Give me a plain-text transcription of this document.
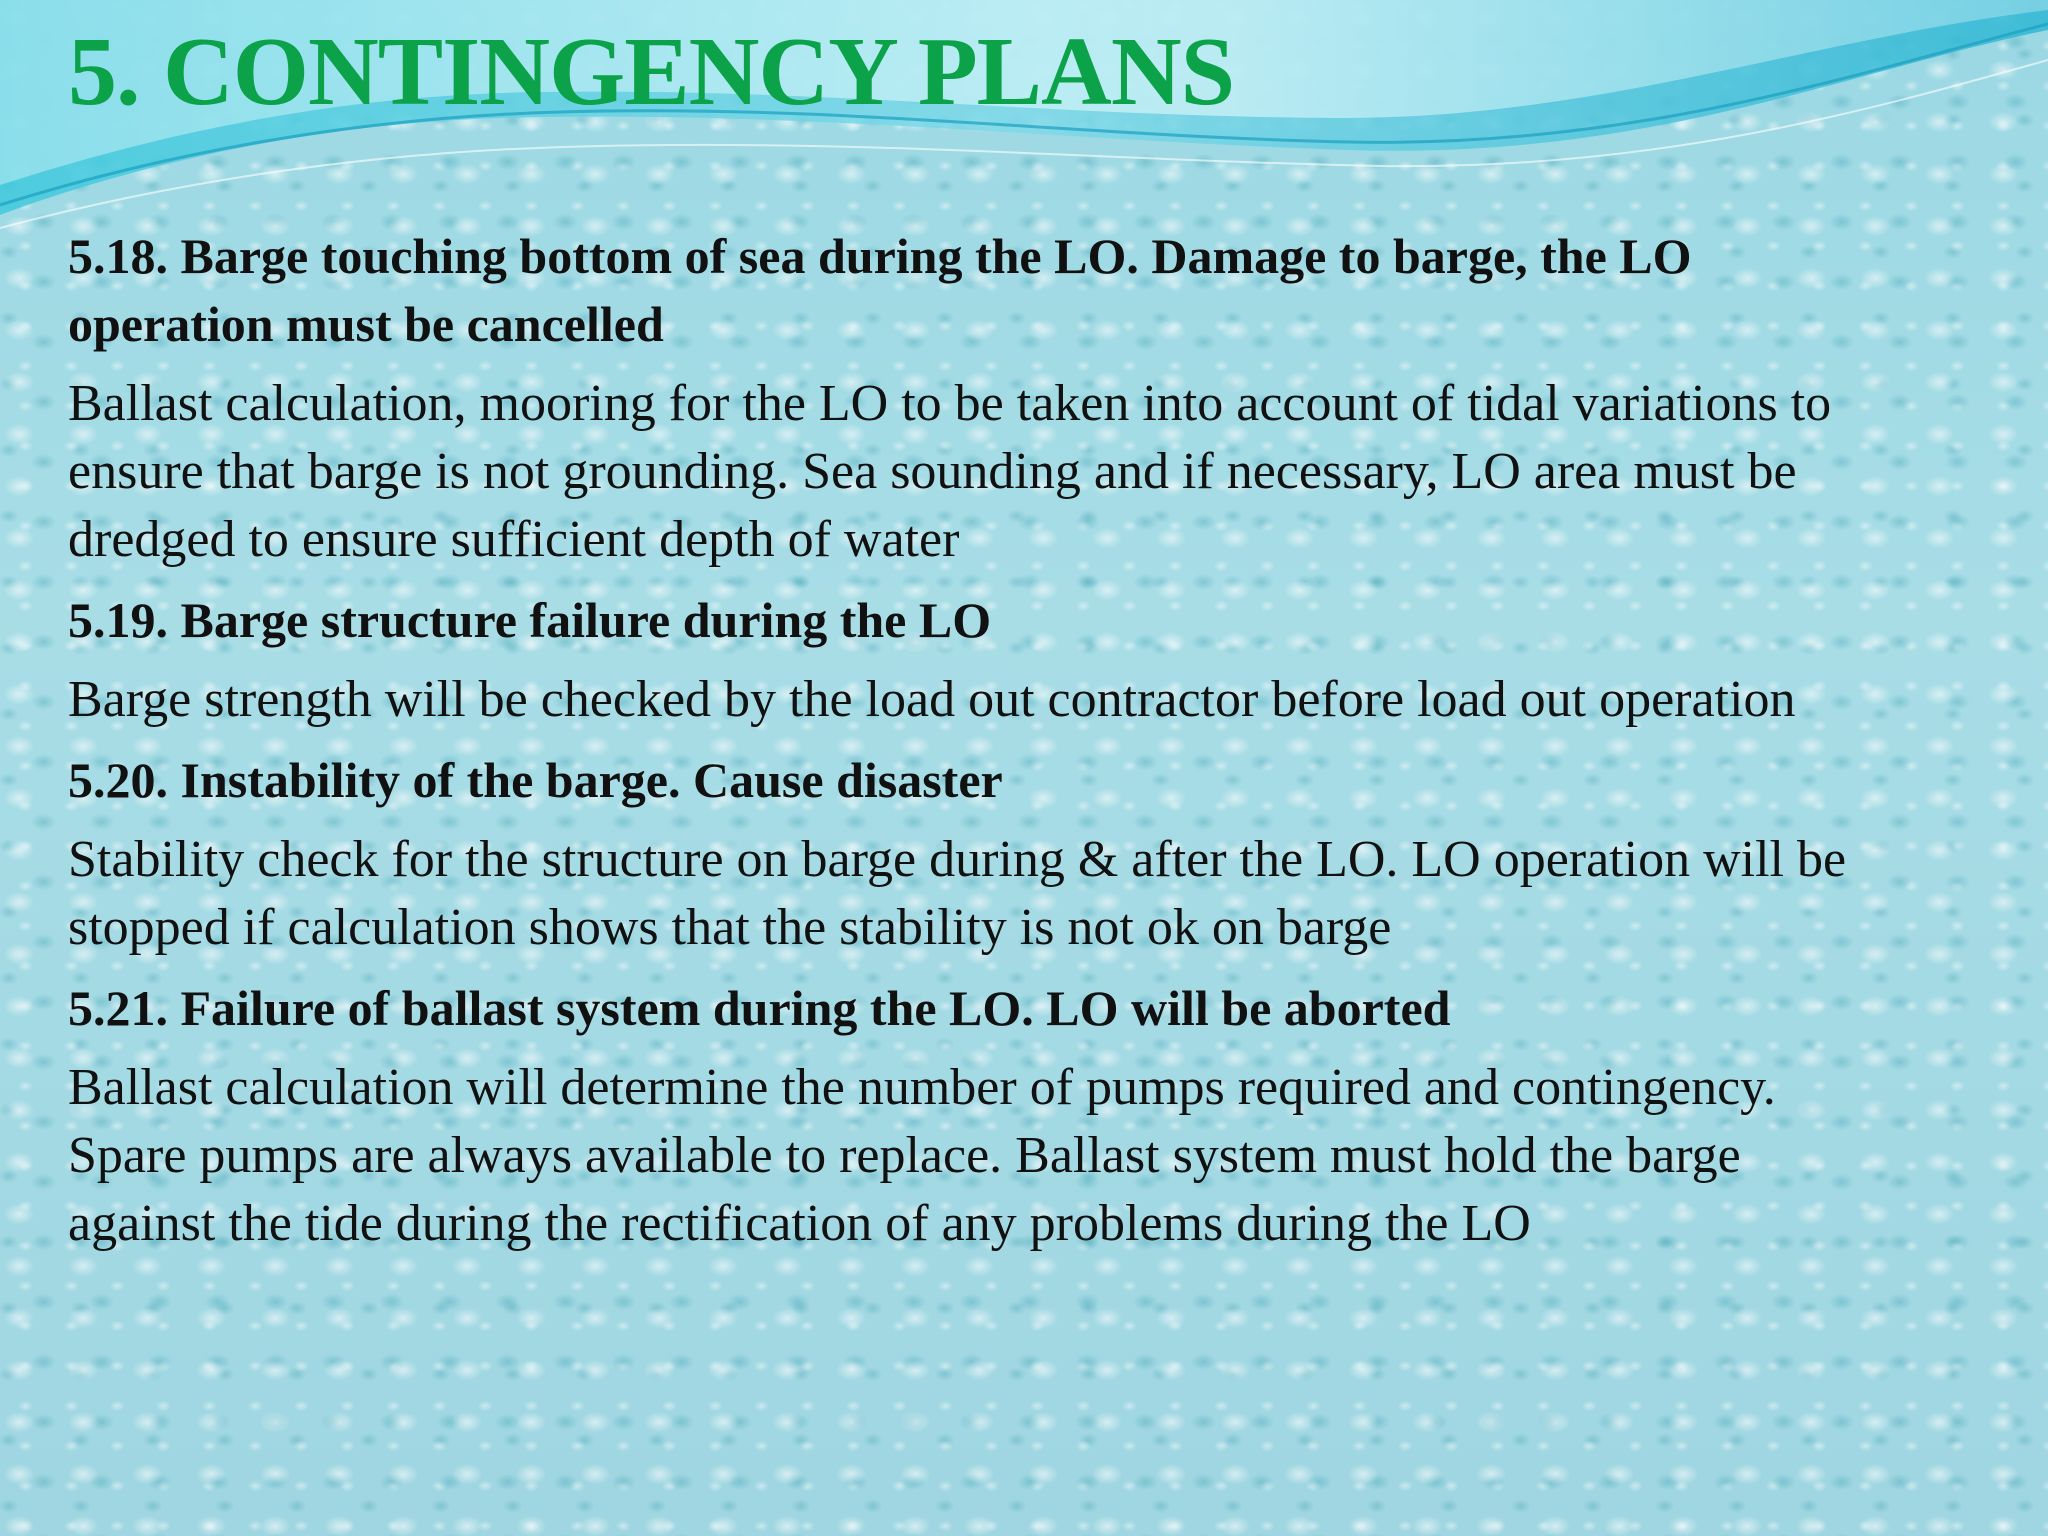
5. CONTINGENCY PLANS

5.18. Barge touching bottom of sea during the LO. Damage to barge, the LO operation must be cancelled

Ballast calculation, mooring for the LO to be taken into account of tidal variations to ensure that barge is not grounding. Sea sounding and if necessary, LO area must be dredged to ensure sufficient depth of water

5.19. Barge structure failure during the LO

Barge strength will be checked by the load out contractor before load out operation

5.20. Instability of the barge. Cause disaster

Stability check for the structure on barge during & after the LO. LO operation will be stopped if calculation shows that the stability is not ok on barge

5.21. Failure of ballast system during the LO. LO will be aborted

Ballast calculation will determine the number of pumps required and contingency. Spare pumps are always available to replace. Ballast system must hold the barge against the tide during the rectification of any problems during the LO
